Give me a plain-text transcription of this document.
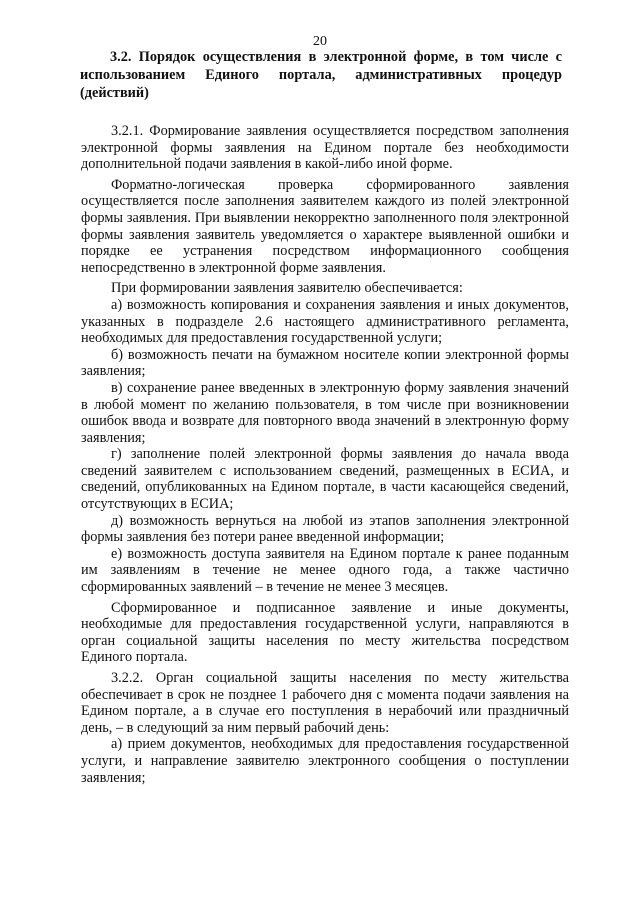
20
3.2. Порядок осуществления в электронной форме, в том числе с использованием Единого портала, административных процедур (действий)

3.2.1. Формирование заявления осуществляется посредством заполнения электронной формы заявления на Едином портале без необходимости дополнительной подачи заявления в какой-либо иной форме.

Форматно-логическая проверка сформированного заявления осуществляется после заполнения заявителем каждого из полей электронной формы заявления. При выявлении некорректно заполненного поля электронной формы заявления заявитель уведомляется о характере выявленной ошибки и порядке ее устранения посредством информационного сообщения непосредственно в электронной форме заявления.

При формировании заявления заявителю обеспечивается:

а) возможность копирования и сохранения заявления и иных документов, указанных в подразделе 2.6 настоящего административного регламента, необходимых для предоставления государственной услуги;

б) возможность печати на бумажном носителе копии электронной формы заявления;

в) сохранение ранее введенных в электронную форму заявления значений в любой момент по желанию пользователя, в том числе при возникновении ошибок ввода и возврате для повторного ввода значений в электронную форму заявления;

г) заполнение полей электронной формы заявления до начала ввода сведений заявителем с использованием сведений, размещенных в ЕСИА, и сведений, опубликованных на Едином портале, в части касающейся сведений, отсутствующих в ЕСИА;

д) возможность вернуться на любой из этапов заполнения электронной формы заявления без потери ранее введенной информации;

е) возможность доступа заявителя на Едином портале к ранее поданным им заявлениям в течение не менее одного года, а также частично сформированных заявлений – в течение не менее 3 месяцев.

Сформированное и подписанное заявление и иные документы, необходимые для предоставления государственной услуги, направляются в орган социальной защиты населения по месту жительства посредством Единого портала.

3.2.2. Орган социальной защиты населения по месту жительства обеспечивает в срок не позднее 1 рабочего дня с момента подачи заявления на Едином портале, а в случае его поступления в нерабочий или праздничный день, – в следующий за ним первый рабочий день:

а) прием документов, необходимых для предоставления государственной услуги, и направление заявителю электронного сообщения о поступлении заявления;
